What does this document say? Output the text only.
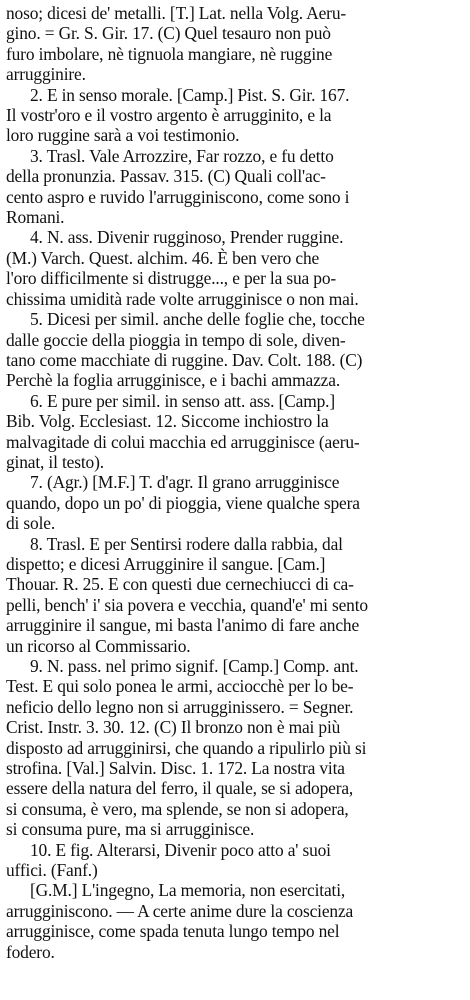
noso; dicesi de' metalli. [T.] Lat. nella Volg. Aeru-
gino. = Gr. S. Gir. 17. (C) Quel tesauro non può
furo imbolare, nè tignuola mangiare, nè ruggine
arrugginire.
2. E in senso morale. [Camp.] Pist. S. Gir. 167.
Il vostr'oro e il vostro argento è arrugginito, e la
loro ruggine sarà a voi testimonio.
3. Trasl. Vale Arrozzire, Far rozzo, e fu detto
della pronunzia. Passav. 315. (C) Quali coll'ac-
cento aspro e ruvido l'arrugginiscono, come sono i
Romani.
4. N. ass. Divenir rugginoso, Prender ruggine.
(M.) Varch. Quest. alchim. 46. È ben vero che
l'oro difficilmente si distrugge..., e per la sua po-
chissima umidità rade volte arrugginisce o non mai.
5. Dicesi per simil. anche delle foglie che, tocche
dalle goccie della pioggia in tempo di sole, diven-
tano come macchiate di ruggine. Dav. Colt. 188. (C)
Perchè la foglia arrugginisce, e i bachi ammazza.
6. E pure per simil. in senso att. ass. [Camp.]
Bib. Volg. Ecclesiast. 12. Siccome inchiostro la
malvagitade di colui macchia ed arrugginisce (aeru-
ginat, il testo).
7. (Agr.) [M.F.] T. d'agr. Il grano arrugginisce
quando, dopo un po' di pioggia, viene qualche spera
di sole.
8. Trasl. E per Sentirsi rodere dalla rabbia, dal
dispetto; e dicesi Arrugginire il sangue. [Cam.]
Thouar. R. 25. E con questi due cernechiucci di ca-
pelli, bench' i' sia povera e vecchia, quand'e' mi sento
arrugginire il sangue, mi basta l'animo di fare anche
un ricorso al Commissario.
9. N. pass. nel primo signif. [Camp.] Comp. ant.
Test. E qui solo ponea le armi, acciocchè per lo be-
neficio dello legno non si arrugginissero. = Segner.
Crist. Instr. 3. 30. 12. (C) Il bronzo non è mai più
disposto ad arrugginirsi, che quando a ripulirlo più si
strofina. [Val.] Salvin. Disc. 1. 172. La nostra vita
essere della natura del ferro, il quale, se si adopera,
si consuma, è vero, ma splende, se non si adopera,
si consuma pure, ma si arrugginisce.
10. E fig. Alterarsi, Divenir poco atto a' suoi
uffici. (Fanf.)
[G.M.] L'ingegno, La memoria, non esercitati,
arrugginiscono. — A certe anime dure la coscienza
arrugginisce, come spada tenuta lungo tempo nel
fodero.
